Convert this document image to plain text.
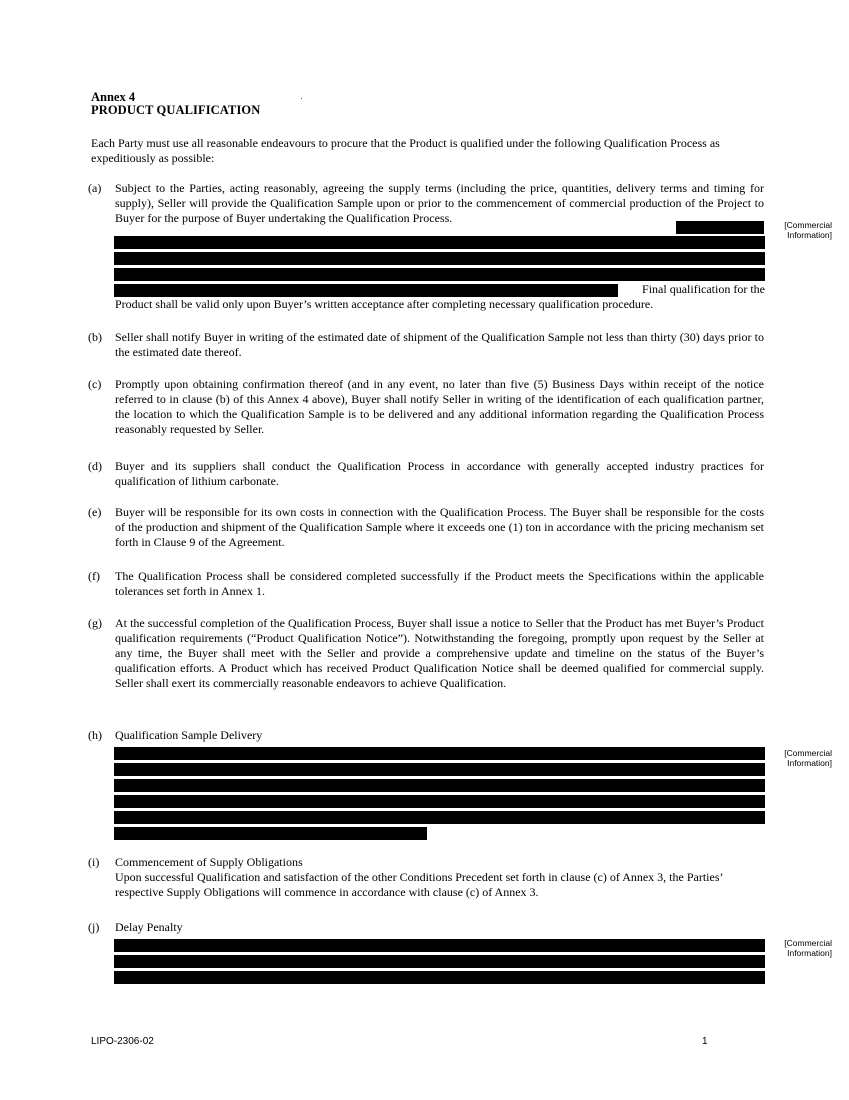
Annex 4
PRODUCT QUALIFICATION
Each Party must use all reasonable endeavours to procure that the Product is qualified under the following Qualification Process as expeditiously as possible:
(a) Subject to the Parties, acting reasonably, agreeing the supply terms (including the price, quantities, delivery terms and timing for supply), Seller will provide the Qualification Sample upon or prior to the commencement of commercial production of the Project to Buyer for the purpose of Buyer undertaking the Qualification Process.
Final qualification for the
Product shall be valid only upon Buyer’s written acceptance after completing necessary qualification procedure.
[Commercial
Information]
(b) Seller shall notify Buyer in writing of the estimated date of shipment of the Qualification Sample not less than thirty (30) days prior to the estimated date thereof.
(c) Promptly upon obtaining confirmation thereof (and in any event, no later than five (5) Business Days within receipt of the notice referred to in clause (b) of this Annex 4 above), Buyer shall notify Seller in writing of the identification of each qualification partner, the location to which the Qualification Sample is to be delivered and any additional information regarding the Qualification Process reasonably requested by Seller.
(d) Buyer and its suppliers shall conduct the Qualification Process in accordance with generally accepted industry practices for qualification of lithium carbonate.
(e) Buyer will be responsible for its own costs in connection with the Qualification Process. The Buyer shall be responsible for the costs of the production and shipment of the Qualification Sample where it exceeds one (1) ton in accordance with the pricing mechanism set forth in Clause 9 of the Agreement.
(f) The Qualification Process shall be considered completed successfully if the Product meets the Specifications within the applicable tolerances set forth in Annex 1.
(g) At the successful completion of the Qualification Process, Buyer shall issue a notice to Seller that the Product has met Buyer’s Product qualification requirements (“Product Qualification Notice”). Notwithstanding the foregoing, promptly upon request by the Seller at any time, the Buyer shall meet with the Seller and provide a comprehensive update and timeline on the status of the Buyer’s qualification efforts. A Product which has received Product Qualification Notice shall be deemed qualified for commercial supply. Seller shall exert its commercially reasonable endeavors to achieve Qualification.
(h) Qualification Sample Delivery
[Commercial
Information]
(i) Commencement of Supply Obligations
Upon successful Qualification and satisfaction of the other Conditions Precedent set forth in clause (c) of Annex 3, the Parties’ respective Supply Obligations will commence in accordance with clause (c) of Annex 3.
(j) Delay Penalty
[Commercial
Information]
LIPO-2306-02	1
